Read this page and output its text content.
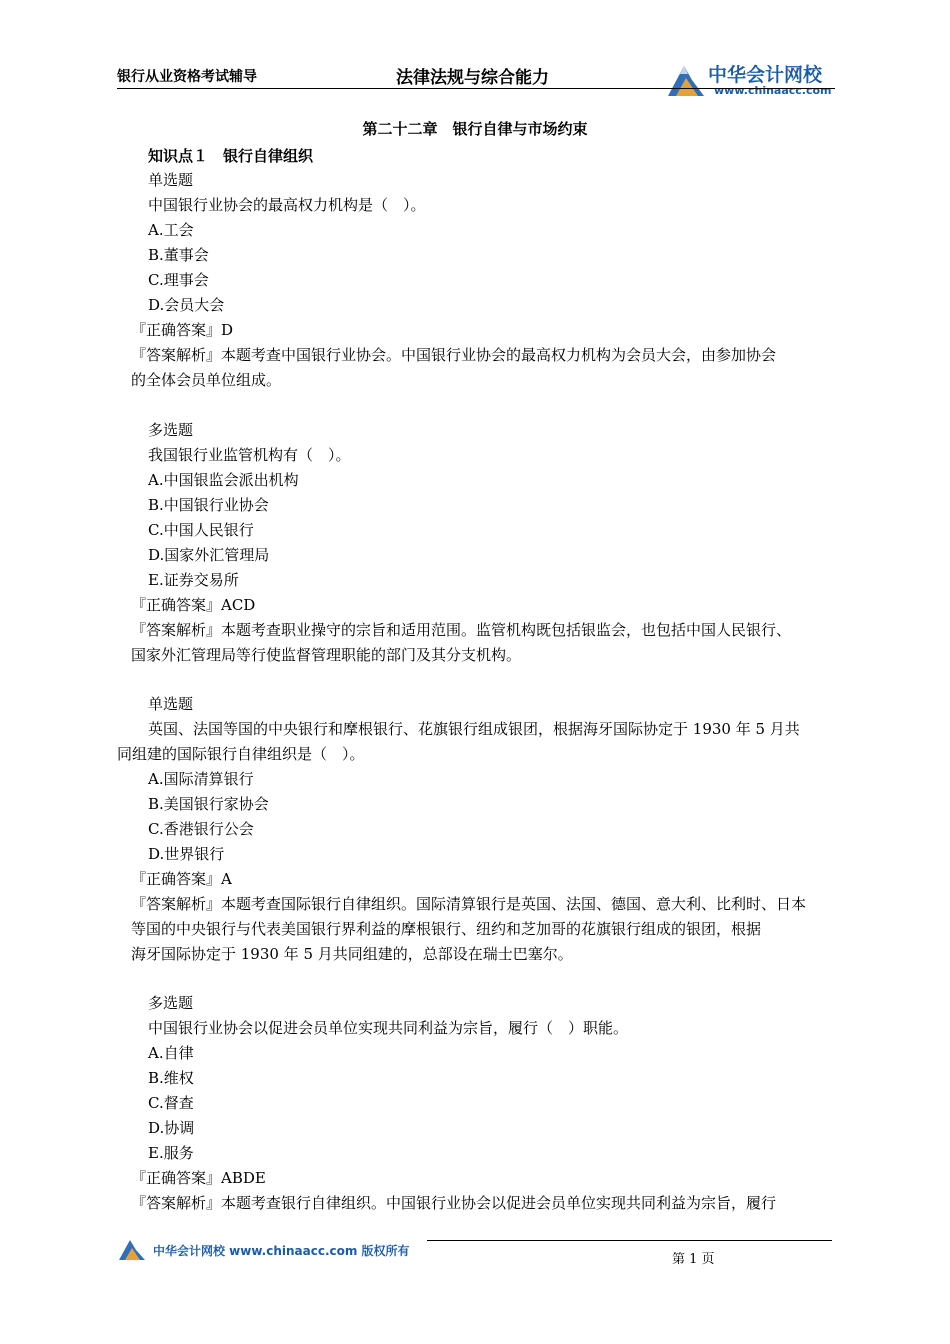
银行从业资格考试辅导	法律法规与综合能力	中华会计网校
www.chinaacc.com
第二十二章　银行自律与市场约束
知识点１　银行自律组织
单选题
中国银行业协会的最高权力机构是（　）。
A.工会
B.董事会
C.理事会
D.会员大会
『正确答案』D
『答案解析』本题考查中国银行业协会。中国银行业协会的最高权力机构为会员大会，由参加协会
的全体会员单位组成。
多选题
我国银行业监管机构有（　）。
A.中国银监会派出机构
B.中国银行业协会
C.中国人民银行
D.国家外汇管理局
E.证券交易所
『正确答案』ACD
『答案解析』本题考查职业操守的宗旨和适用范围。监管机构既包括银监会，也包括中国人民银行、
国家外汇管理局等行使监督管理职能的部门及其分支机构。
单选题
英国、法国等国的中央银行和摩根银行、花旗银行组成银团，根据海牙国际协定于 1930 年 5 月共
同组建的国际银行自律组织是（　）。
A.国际清算银行
B.美国银行家协会
C.香港银行公会
D.世界银行
『正确答案』A
『答案解析』本题考查国际银行自律组织。国际清算银行是英国、法国、德国、意大利、比利时、日本
等国的中央银行与代表美国银行界利益的摩根银行、纽约和芝加哥的花旗银行组成的银团，根据
海牙国际协定于 1930 年 5 月共同组建的，总部设在瑞士巴塞尔。
多选题
中国银行业协会以促进会员单位实现共同利益为宗旨，履行（　）职能。
A.自律
B.维权
C.督查
D.协调
E.服务
『正确答案』ABDE
『答案解析』本题考查银行自律组织。中国银行业协会以促进会员单位实现共同利益为宗旨，履行
中华会计网校 www.chinaacc.com 版权所有
第 1 页
